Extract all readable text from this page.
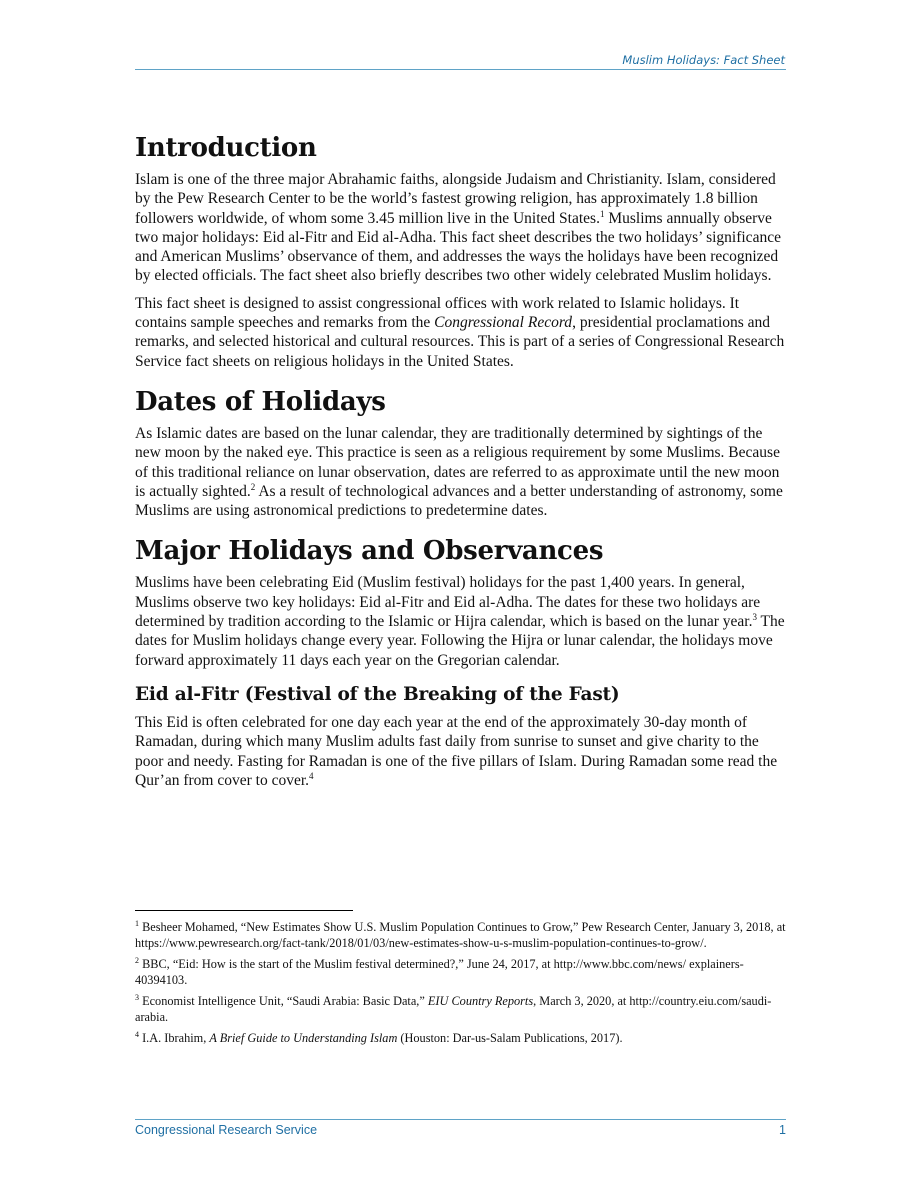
Muslim Holidays: Fact Sheet
Introduction

Islam is one of the three major Abrahamic faiths, alongside Judaism and Christianity. Islam, considered by the Pew Research Center to be the world’s fastest growing religion, has approximately 1.8 billion followers worldwide, of whom some 3.45 million live in the United States.$^1$ Muslims annually observe two major holidays: Eid al-Fitr and Eid al-Adha. This fact sheet describes the two holidays’ significance and American Muslims’ observance of them, and addresses the ways the holidays have been recognized by elected officials. The fact sheet also briefly describes two other widely celebrated Muslim holidays.

This fact sheet is designed to assist congressional offices with work related to Islamic holidays. It contains sample speeches and remarks from the Congressional Record, presidential proclamations and remarks, and selected historical and cultural resources. This is part of a series of Congressional Research Service fact sheets on religious holidays in the United States.

Dates of Holidays

As Islamic dates are based on the lunar calendar, they are traditionally determined by sightings of the new moon by the naked eye. This practice is seen as a religious requirement by some Muslims. Because of this traditional reliance on lunar observation, dates are referred to as approximate until the new moon is actually sighted.$^2$ As a result of technological advances and a better understanding of astronomy, some Muslims are using astronomical predictions to predetermine dates.

Major Holidays and Observances

Muslims have been celebrating Eid (Muslim festival) holidays for the past 1,400 years. In general, Muslims observe two key holidays: Eid al-Fitr and Eid al-Adha. The dates for these two holidays are determined by tradition according to the Islamic or Hijra calendar, which is based on the lunar year.$^3$ The dates for Muslim holidays change every year. Following the Hijra or lunar calendar, the holidays move forward approximately 11 days each year on the Gregorian calendar.

Eid al-Fitr (Festival of the Breaking of the Fast)

This Eid is often celebrated for one day each year at the end of the approximately 30-day month of Ramadan, during which many Muslim adults fast daily from sunrise to sunset and give charity to the poor and needy. Fasting for Ramadan is one of the five pillars of Islam. During Ramadan some read the Qur’an from cover to cover.$^4$

$^1$ Besheer Mohamed, “New Estimates Show U.S. Muslim Population Continues to Grow,” Pew Research Center, January 3, 2018, at https://www.pewresearch.org/fact-tank/2018/01/03/new-estimates-show-u-s-muslim-population-continues-to-grow/.
$^2$ BBC, “Eid: How is the start of the Muslim festival determined?,” June 24, 2017, at http://www.bbc.com/news/ explainers-40394103.
$^3$ Economist Intelligence Unit, “Saudi Arabia: Basic Data,” EIU Country Reports, March 3, 2020, at http://country.eiu.com/saudi-arabia.
$^4$ I.A. Ibrahim, A Brief Guide to Understanding Islam (Houston: Dar-us-Salam Publications, 2017).
Congressional Research Service	1
